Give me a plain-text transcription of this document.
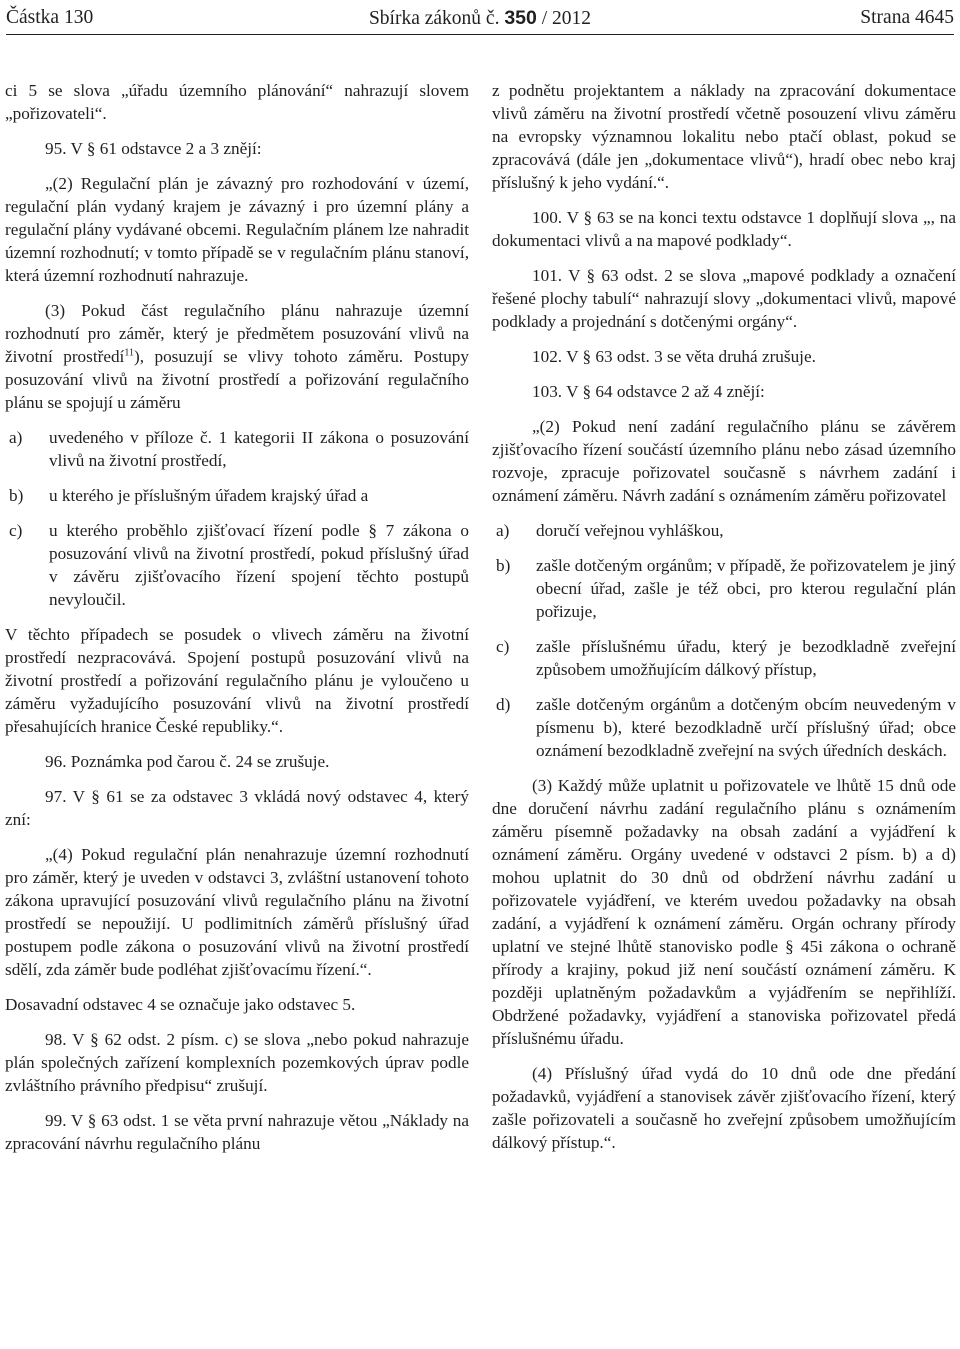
Částka 130	Sbírka zákonů č. 350 / 2012	Strana 4645

ci 5 se slova „úřadu územního plánování“ nahrazují slovem „pořizovateli“.

95. V § 61 odstavce 2 a 3 znějí:

„(2) Regulační plán je závazný pro rozhodování v území, regulační plán vydaný krajem je závazný i pro územní plány a regulační plány vydávané obcemi. Regulačním plánem lze nahradit územní rozhodnutí; v tomto případě se v regulačním plánu stanoví, která územní rozhodnutí nahrazuje.

(3) Pokud část regulačního plánu nahrazuje územní rozhodnutí pro záměr, který je předmětem posuzování vlivů na životní prostředí$^{11}$), posuzují se vlivy tohoto záměru. Postupy posuzování vlivů na životní prostředí a pořizování regulačního plánu se spojují u záměru

a)	uvedeného v příloze č. 1 kategorii II zákona o posuzování vlivů na životní prostředí,
b)	u kterého je příslušným úřadem krajský úřad a
c)	u kterého proběhlo zjišťovací řízení podle § 7 zákona o posuzování vlivů na životní prostředí, pokud příslušný úřad v závěru zjišťovacího řízení spojení těchto postupů nevyloučil.

V těchto případech se posudek o vlivech záměru na životní prostředí nezpracovává. Spojení postupů posuzování vlivů na životní prostředí a pořizování regulačního plánu je vyloučeno u záměru vyžadujícího posuzování vlivů na životní prostředí přesahujících hranice České republiky.“.

96. Poznámka pod čarou č. 24 se zrušuje.

97. V § 61 se za odstavec 3 vkládá nový odstavec 4, který zní:

„(4) Pokud regulační plán nenahrazuje územní rozhodnutí pro záměr, který je uveden v odstavci 3, zvláštní ustanovení tohoto zákona upravující posuzování vlivů regulačního plánu na životní prostředí se nepoužijí. U podlimitních záměrů příslušný úřad postupem podle zákona o posuzování vlivů na životní prostředí sdělí, zda záměr bude podléhat zjišťovacímu řízení.“.

Dosavadní odstavec 4 se označuje jako odstavec 5.

98. V § 62 odst. 2 písm. c) se slova „nebo pokud nahrazuje plán společných zařízení komplexních pozemkových úprav podle zvláštního právního předpisu“ zrušují.

99. V § 63 odst. 1 se věta první nahrazuje větou „Náklady na zpracování návrhu regulačního plánu

z podnětu projektantem a náklady na zpracování dokumentace vlivů záměru na životní prostředí včetně posouzení vlivu záměru na evropsky významnou lokalitu nebo ptačí oblast, pokud se zpracovává (dále jen „dokumentace vlivů“), hradí obec nebo kraj příslušný k jeho vydání.“.

100. V § 63 se na konci textu odstavce 1 doplňují slova „, na dokumentaci vlivů a na mapové podklady“.

101. V § 63 odst. 2 se slova „mapové podklady a označení řešené plochy tabulí“ nahrazují slovy „dokumentaci vlivů, mapové podklady a projednání s dotčenými orgány“.

102. V § 63 odst. 3 se věta druhá zrušuje.

103. V § 64 odstavce 2 až 4 znějí:

„(2) Pokud není zadání regulačního plánu se závěrem zjišťovacího řízení součástí územního plánu nebo zásad územního rozvoje, zpracuje pořizovatel současně s návrhem zadání i oznámení záměru. Návrh zadání s oznámením záměru pořizovatel

a)	doručí veřejnou vyhláškou,
b)	zašle dotčeným orgánům; v případě, že pořizovatelem je jiný obecní úřad, zašle je též obci, pro kterou regulační plán pořizuje,
c)	zašle příslušnému úřadu, který je bezodkladně zveřejní způsobem umožňujícím dálkový přístup,
d)	zašle dotčeným orgánům a dotčeným obcím neuvedeným v písmenu b), které bezodkladně určí příslušný úřad; obce oznámení bezodkladně zveřejní na svých úředních deskách.

(3) Každý může uplatnit u pořizovatele ve lhůtě 15 dnů ode dne doručení návrhu zadání regulačního plánu s oznámením záměru písemně požadavky na obsah zadání a vyjádření k oznámení záměru. Orgány uvedené v odstavci 2 písm. b) a d) mohou uplatnit do 30 dnů od obdržení návrhu zadání u pořizovatele vyjádření, ve kterém uvedou požadavky na obsah zadání, a vyjádření k oznámení záměru. Orgán ochrany přírody uplatní ve stejné lhůtě stanovisko podle § 45i zákona o ochraně přírody a krajiny, pokud již není součástí oznámení záměru. K později uplatněným požadavkům a vyjádřením se nepřihlíží. Obdržené požadavky, vyjádření a stanoviska pořizovatel předá příslušnému úřadu.

(4) Příslušný úřad vydá do 10 dnů ode dne předání požadavků, vyjádření a stanovisek závěr zjišťovacího řízení, který zašle pořizovateli a současně ho zveřejní způsobem umožňujícím dálkový přístup.“.
